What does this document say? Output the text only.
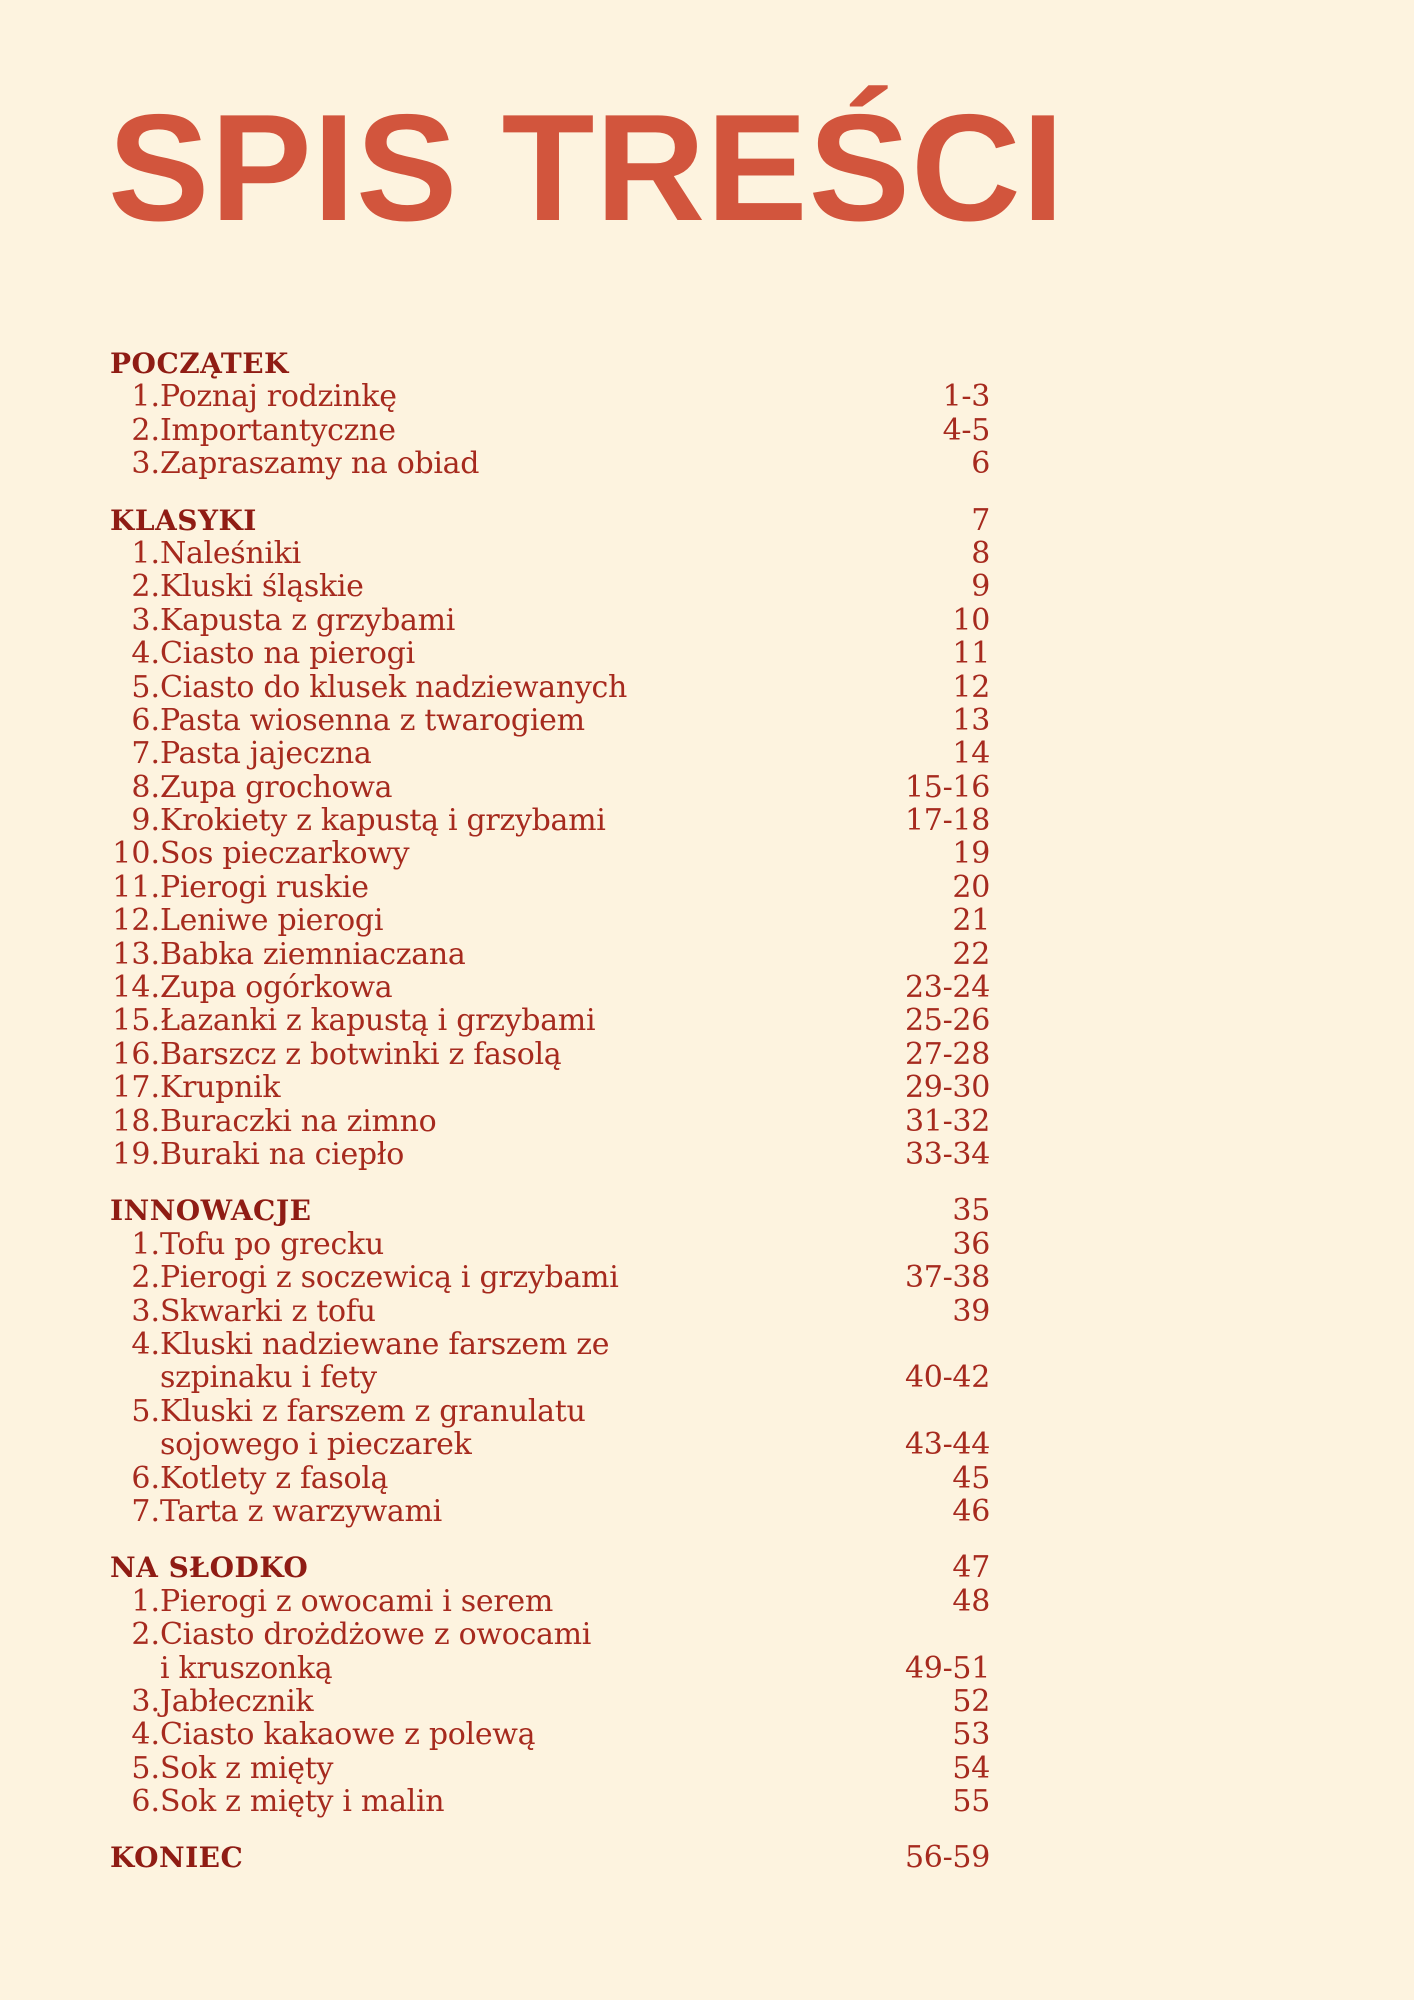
SPIS TREŚCI
POCZĄTEK
1. Poznaj rodzinkę	1-3
2. Importantyczne	4-5
3. Zapraszamy na obiad	6
KLASYKI	7
1. Naleśniki	8
2. Kluski śląskie	9
3. Kapusta z grzybami	10
4. Ciasto na pierogi	11
5. Ciasto do klusek nadziewanych	12
6. Pasta wiosenna z twarogiem	13
7. Pasta jajeczna	14
8. Zupa grochowa	15-16
9. Krokiety z kapustą i grzybami	17-18
10. Sos pieczarkowy	19
11. Pierogi ruskie	20
12. Leniwe pierogi	21
13. Babka ziemniaczana	22
14. Zupa ogórkowa	23-24
15. Łazanki z kapustą i grzybami	25-26
16. Barszcz z botwinki z fasolą	27-28
17. Krupnik	29-30
18. Buraczki na zimno	31-32
19. Buraki na ciepło	33-34
INNOWACJE	35
1. Tofu po grecku	36
2. Pierogi z soczewicą i grzybami	37-38
3. Skwarki z tofu	39
4. Kluski nadziewane farszem ze
szpinaku i fety	40-42
5. Kluski z farszem z granulatu
sojowego i pieczarek	43-44
6. Kotlety z fasolą	45
7. Tarta z warzywami	46
NA SŁODKO	47
1. Pierogi z owocami i serem	48
2. Ciasto drożdżowe z owocami
i kruszonką	49-51
3. Jabłecznik	52
4. Ciasto kakaowe z polewą	53
5. Sok z mięty	54
6. Sok z mięty i malin	55
KONIEC	56-59
